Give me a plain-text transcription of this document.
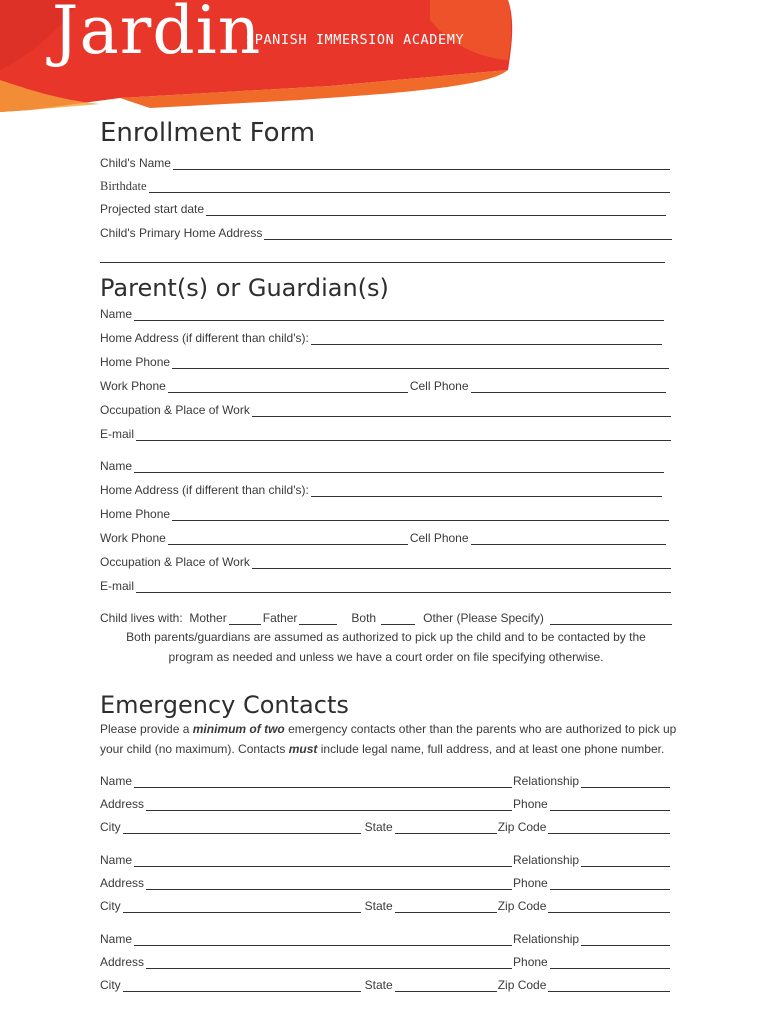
Jardin
SPANISH IMMERSION ACADEMY
Enrollment Form
Child's Name
Birthdate
Projected start date
Child's Primary Home Address
Parent(s) or Guardian(s)
Name
Home Address (if different than child's):
Home Phone
Work Phone	Cell Phone
Occupation & Place of Work
E-mail
Name
Home Address (if different than child's):
Home Phone
Work Phone	Cell Phone
Occupation & Place of Work
E-mail
Child lives with:
Mother	Father	Both	Other (Please Specify)
Both parents/guardians are assumed as authorized to pick up the child and to be contacted by the
program as needed and unless we have a court order on file specifying otherwise.
Emergency Contacts
Please provide a minimum of two emergency contacts other than the parents who are authorized to pick up
your child (no maximum). Contacts must include legal name, full address, and at least one phone number.
Name	Relationship
Address	Phone
City	State	Zip Code
Name	Relationship
Address	Phone
City	State	Zip Code
Name	Relationship
Address	Phone
City	State	Zip Code
